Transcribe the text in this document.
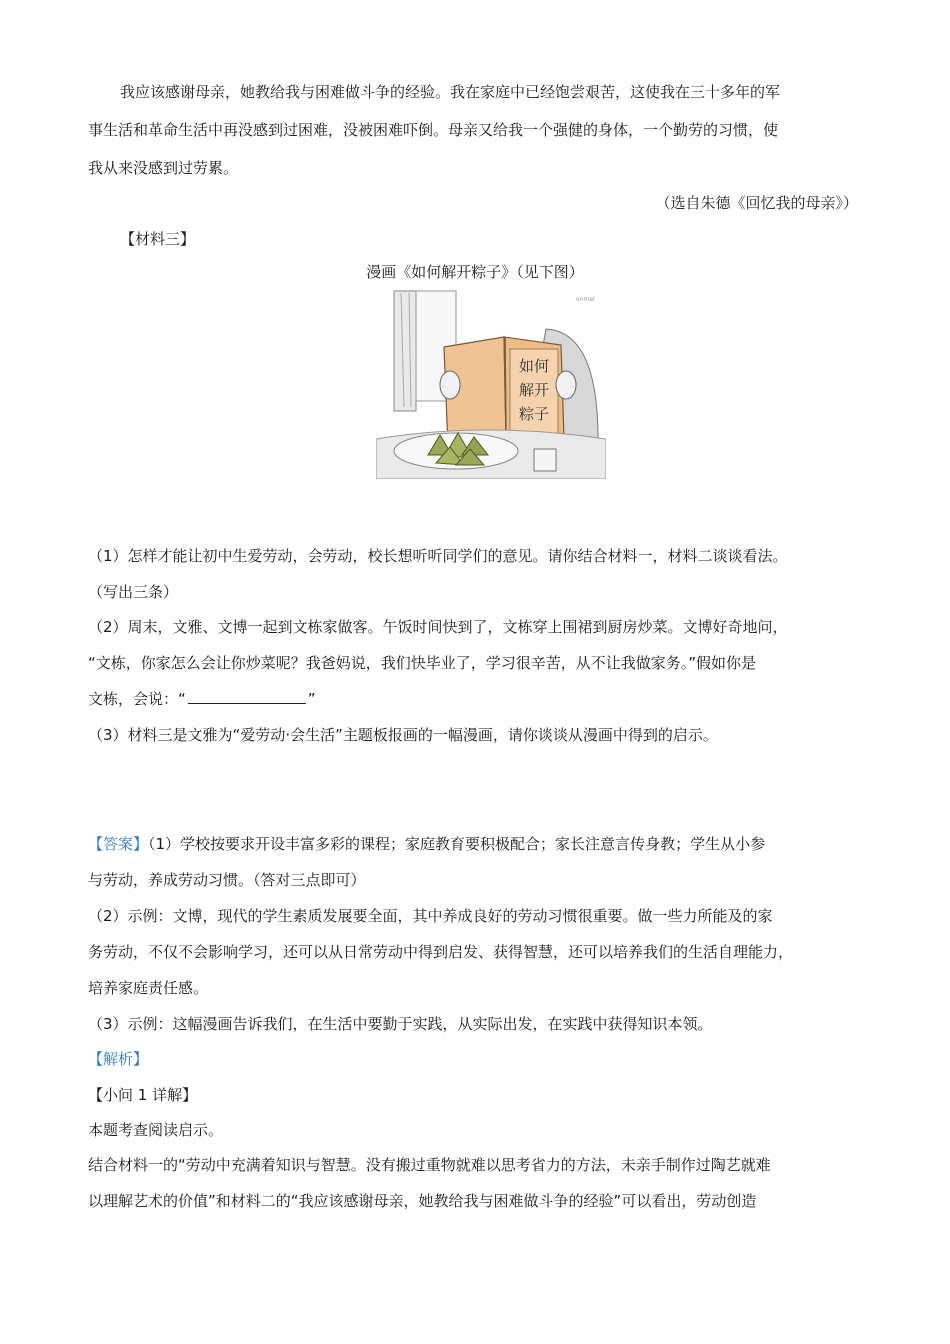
我应该感谢母亲，她教给我与困难做斗争的经验。我在家庭中已经饱尝艰苦，这使我在三十多年的军
事生活和革命生活中再没感到过困难，没被困难吓倒。母亲又给我一个强健的身体，一个勤劳的习惯，使
我从来没感到过劳累。
（选自朱德《回忆我的母亲》）
【材料三】
漫画《如何解开粽子》（见下图）
onmel
如何
解开
粽子
（1）怎样才能让初中生爱劳动，会劳动，校长想听听同学们的意见。请你结合材料一，材料二谈谈看法。
（写出三条）
（2）周末，文雅、文博一起到文栋家做客。午饭时间快到了，文栋穿上围裙到厨房炒菜。文博好奇地问，
“文栋，你家怎么会让你炒菜呢？我爸妈说，我们快毕业了，学习很辛苦，从不让我做家务。”假如你是
文栋，会说：“	”
（3）材料三是文雅为“爱劳动·会生活”主题板报画的一幅漫画，请你谈谈从漫画中得到的启示。
【答案】（1）学校按要求开设丰富多彩的课程；家庭教育要积极配合；家长注意言传身教；学生从小参
与劳动，养成劳动习惯。（答对三点即可）
（2）示例：文博，现代的学生素质发展要全面，其中养成良好的劳动习惯很重要。做一些力所能及的家
务劳动，不仅不会影响学习，还可以从日常劳动中得到启发、获得智慧，还可以培养我们的生活自理能力，
培养家庭责任感。
（3）示例：这幅漫画告诉我们，在生活中要勤于实践，从实际出发，在实践中获得知识本领。
【解析】
【小问 1 详解】
本题考查阅读启示。
结合材料一的“劳动中充满着知识与智慧。没有搬过重物就难以思考省力的方法，未亲手制作过陶艺就难
以理解艺术的价值”和材料二的“我应该感谢母亲，她教给我与困难做斗争的经验”可以看出，劳动创造
